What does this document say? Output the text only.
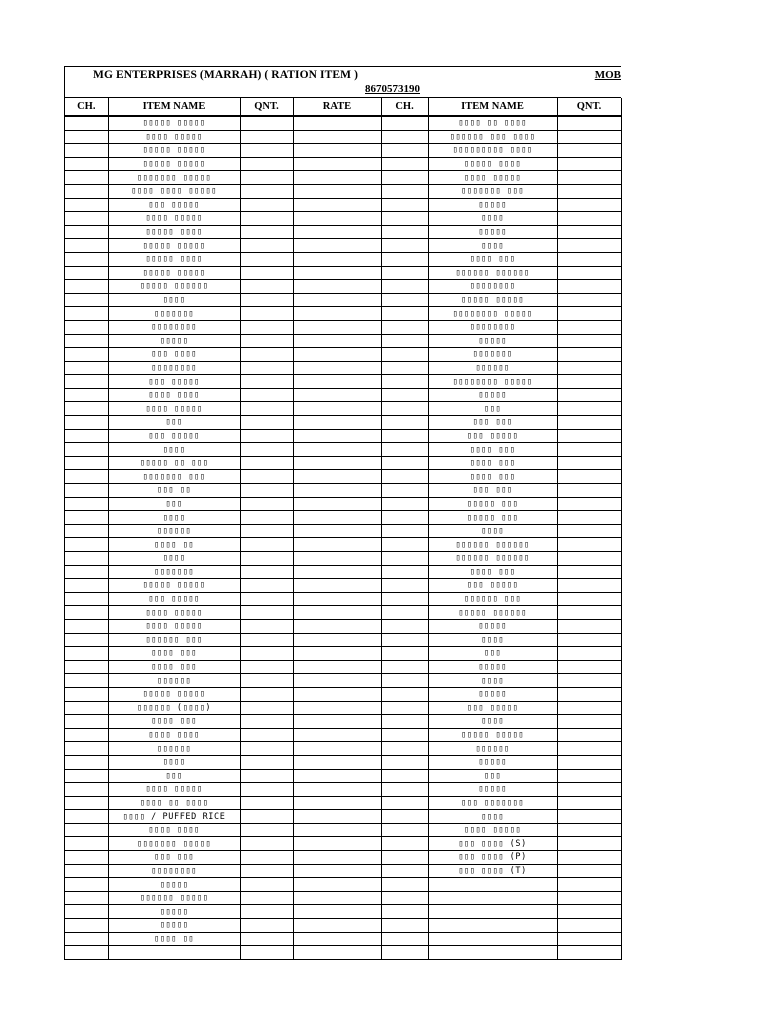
MG ENTERPRISES (MARRAH) ( RATION ITEM )	MOB
8670573190
CH.	ITEM NAME	QNT.	RATE	CH.	ITEM NAME	QNT.
	▯▯▯▯▯ ▯▯▯▯▯				▯▯▯▯ ▯▯ ▯▯▯▯	
	▯▯▯▯ ▯▯▯▯▯				▯▯▯▯▯▯ ▯▯▯ ▯▯▯▯	
	▯▯▯▯▯ ▯▯▯▯▯				▯▯▯▯▯▯▯▯▯ ▯▯▯▯	
	▯▯▯▯▯ ▯▯▯▯▯				▯▯▯▯▯ ▯▯▯▯	
	▯▯▯▯▯▯▯ ▯▯▯▯▯				▯▯▯▯ ▯▯▯▯▯	
	▯▯▯▯ ▯▯▯▯ ▯▯▯▯▯				▯▯▯▯▯▯▯ ▯▯▯	
	▯▯▯ ▯▯▯▯▯				▯▯▯▯▯	
	▯▯▯▯ ▯▯▯▯▯				▯▯▯▯	
	▯▯▯▯▯ ▯▯▯▯				▯▯▯▯▯	
	▯▯▯▯▯ ▯▯▯▯▯				▯▯▯▯	
	▯▯▯▯▯ ▯▯▯▯				▯▯▯▯ ▯▯▯	
	▯▯▯▯▯ ▯▯▯▯▯				▯▯▯▯▯▯ ▯▯▯▯▯▯	
	▯▯▯▯▯ ▯▯▯▯▯▯				▯▯▯▯▯▯▯▯	
	▯▯▯▯				▯▯▯▯▯ ▯▯▯▯▯	
	▯▯▯▯▯▯▯				▯▯▯▯▯▯▯▯ ▯▯▯▯▯	
	▯▯▯▯▯▯▯▯				▯▯▯▯▯▯▯▯	
	▯▯▯▯▯				▯▯▯▯▯	
	▯▯▯ ▯▯▯▯				▯▯▯▯▯▯▯	
	▯▯▯▯▯▯▯▯				▯▯▯▯▯▯	
	▯▯▯ ▯▯▯▯▯				▯▯▯▯▯▯▯▯ ▯▯▯▯▯	
	▯▯▯▯ ▯▯▯▯				▯▯▯▯▯	
	▯▯▯▯ ▯▯▯▯▯				▯▯▯	
	▯▯▯				▯▯▯ ▯▯▯	
	▯▯▯ ▯▯▯▯▯				▯▯▯ ▯▯▯▯▯	
	▯▯▯▯				▯▯▯▯ ▯▯▯	
	▯▯▯▯▯ ▯▯ ▯▯▯				▯▯▯▯ ▯▯▯	
	▯▯▯▯▯▯▯ ▯▯▯				▯▯▯▯ ▯▯▯	
	▯▯▯ ▯▯				▯▯▯ ▯▯▯	
	▯▯▯				▯▯▯▯▯ ▯▯▯	
	▯▯▯▯				▯▯▯▯▯ ▯▯▯	
	▯▯▯▯▯▯				▯▯▯▯	
	▯▯▯▯ ▯▯				▯▯▯▯▯▯ ▯▯▯▯▯▯	
	▯▯▯▯				▯▯▯▯▯▯ ▯▯▯▯▯▯	
	▯▯▯▯▯▯▯				▯▯▯▯ ▯▯▯	
	▯▯▯▯▯ ▯▯▯▯▯				▯▯▯ ▯▯▯▯▯	
	▯▯▯ ▯▯▯▯▯				▯▯▯▯▯▯ ▯▯▯	
	▯▯▯▯ ▯▯▯▯▯				▯▯▯▯▯ ▯▯▯▯▯▯	
	▯▯▯▯ ▯▯▯▯▯				▯▯▯▯▯	
	▯▯▯▯▯▯ ▯▯▯				▯▯▯▯	
	▯▯▯▯ ▯▯▯				▯▯▯	
	▯▯▯▯ ▯▯▯				▯▯▯▯▯	
	▯▯▯▯▯▯				▯▯▯▯	
	▯▯▯▯▯ ▯▯▯▯▯				▯▯▯▯▯	
	▯▯▯▯▯▯ (▯▯▯▯)				▯▯▯ ▯▯▯▯▯	
	▯▯▯▯ ▯▯▯				▯▯▯▯	
	▯▯▯▯ ▯▯▯▯				▯▯▯▯▯ ▯▯▯▯▯	
	▯▯▯▯▯▯				▯▯▯▯▯▯	
	▯▯▯▯				▯▯▯▯▯	
	▯▯▯				▯▯▯	
	▯▯▯▯ ▯▯▯▯▯				▯▯▯▯▯	
	▯▯▯▯ ▯▯ ▯▯▯▯				▯▯▯ ▯▯▯▯▯▯▯	
	▯▯▯▯ / PUFFED RICE				▯▯▯▯	
	▯▯▯▯ ▯▯▯▯				▯▯▯▯ ▯▯▯▯▯	
	▯▯▯▯▯▯▯ ▯▯▯▯▯				▯▯▯ ▯▯▯▯ (S)	
	▯▯▯ ▯▯▯				▯▯▯ ▯▯▯▯ (P)	
	▯▯▯▯▯▯▯▯				▯▯▯ ▯▯▯▯ (T)	
	▯▯▯▯▯					
	▯▯▯▯▯▯ ▯▯▯▯▯					
	▯▯▯▯▯					
	▯▯▯▯▯					
	▯▯▯▯ ▯▯					
